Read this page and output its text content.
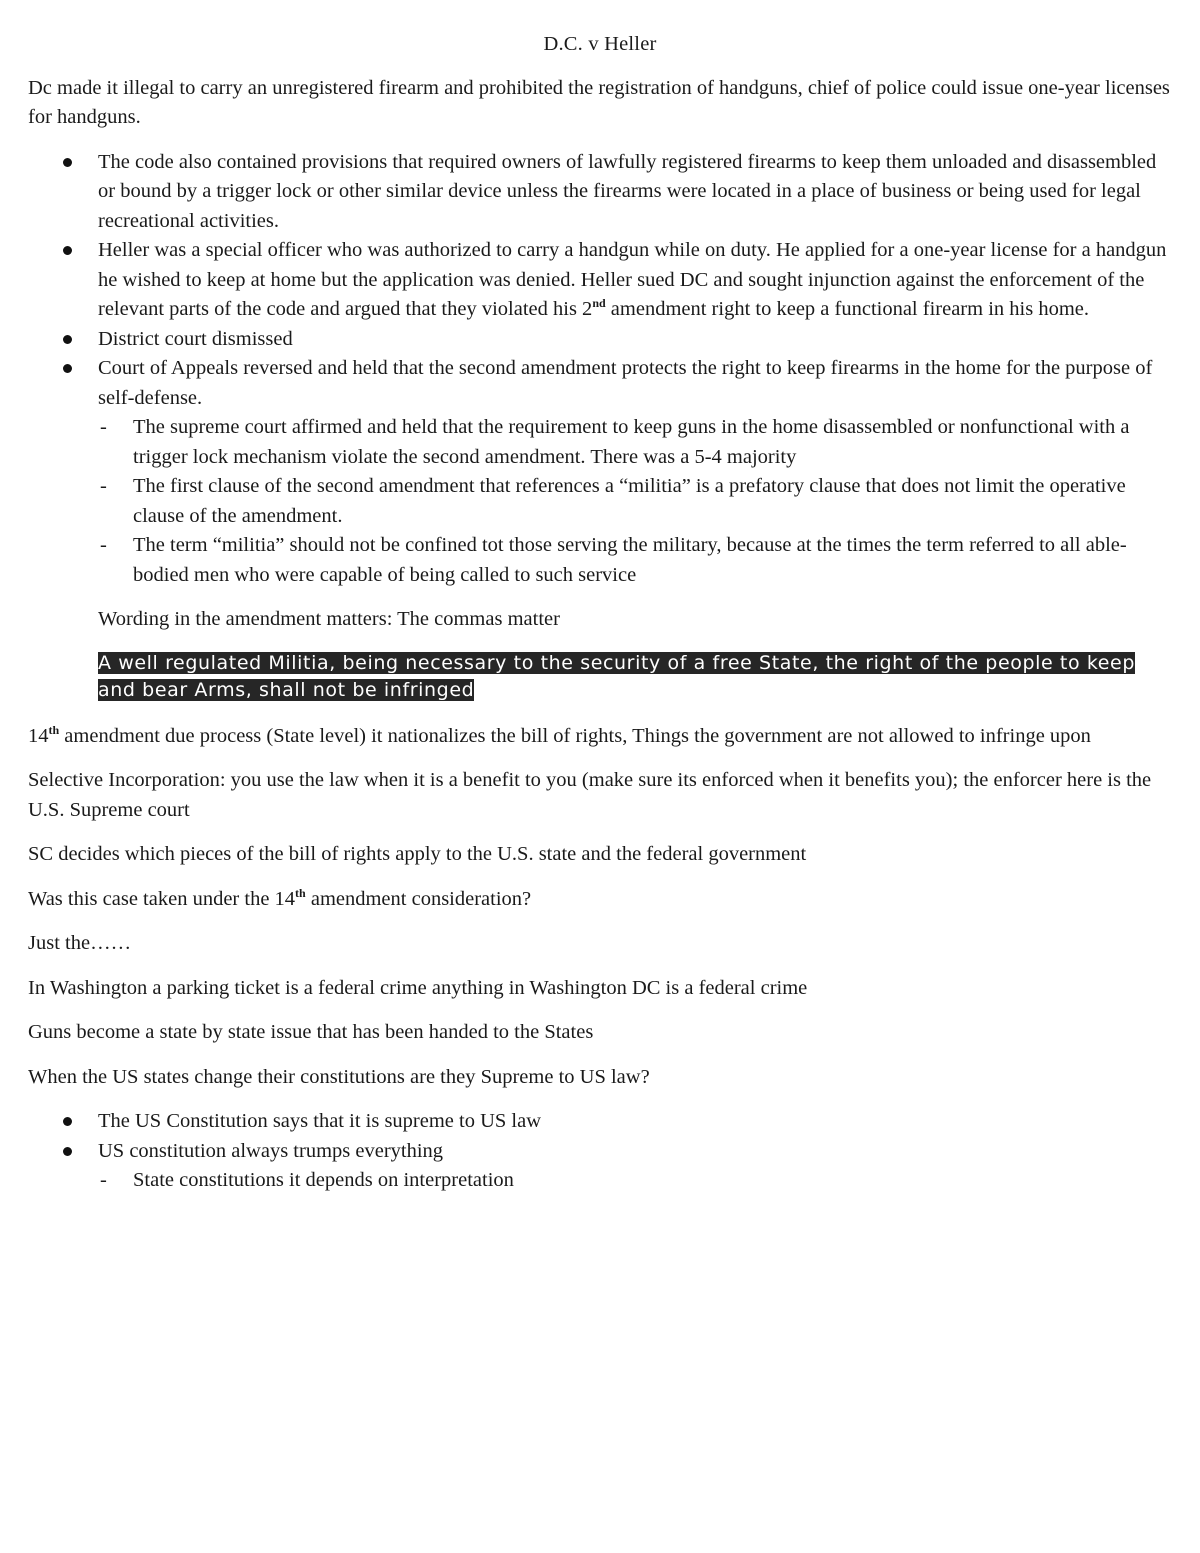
D.C. v Heller

Dc made it illegal to carry an unregistered firearm and prohibited the registration of handguns, chief of police could issue one-year licenses for handguns.

The code also contained provisions that required owners of lawfully registered firearms to keep them unloaded and disassembled or bound by a trigger lock or other similar device unless the firearms were located in a place of business or being used for legal recreational activities.
Heller was a special officer who was authorized to carry a handgun while on duty. He applied for a one-year license for a handgun he wished to keep at home but the application was denied. Heller sued DC and sought injunction against the enforcement of the relevant parts of the code and argued that they violated his 2nd amendment right to keep a functional firearm in his home.
District court dismissed
Court of Appeals reversed and held that the second amendment protects the right to keep firearms in the home for the purpose of self-defense.
- The supreme court affirmed and held that the requirement to keep guns in the home disassembled or nonfunctional with a trigger lock mechanism violate the second amendment. There was a 5-4 majority
- The first clause of the second amendment that references a “militia” is a prefatory clause that does not limit the operative clause of the amendment.
- The term “militia” should not be confined tot those serving the military, because at the times the term referred to all able-bodied men who were capable of being called to such service

Wording in the amendment matters: The commas matter

A well regulated Militia, being necessary to the security of a free State, the right of the people to keep and bear Arms, shall not be infringed

14th amendment due process (State level) it nationalizes the bill of rights, Things the government are not allowed to infringe upon

Selective Incorporation: you use the law when it is a benefit to you (make sure its enforced when it benefits you); the enforcer here is the U.S. Supreme court

SC decides which pieces of the bill of rights apply to the U.S. state and the federal government

Was this case taken under the 14th amendment consideration?

Just the……

In Washington a parking ticket is a federal crime anything in Washington DC is a federal crime

Guns become a state by state issue that has been handed to the States

When the US states change their constitutions are they Supreme to US law?

The US Constitution says that it is supreme to US law
US constitution always trumps everything
- State constitutions it depends on interpretation
